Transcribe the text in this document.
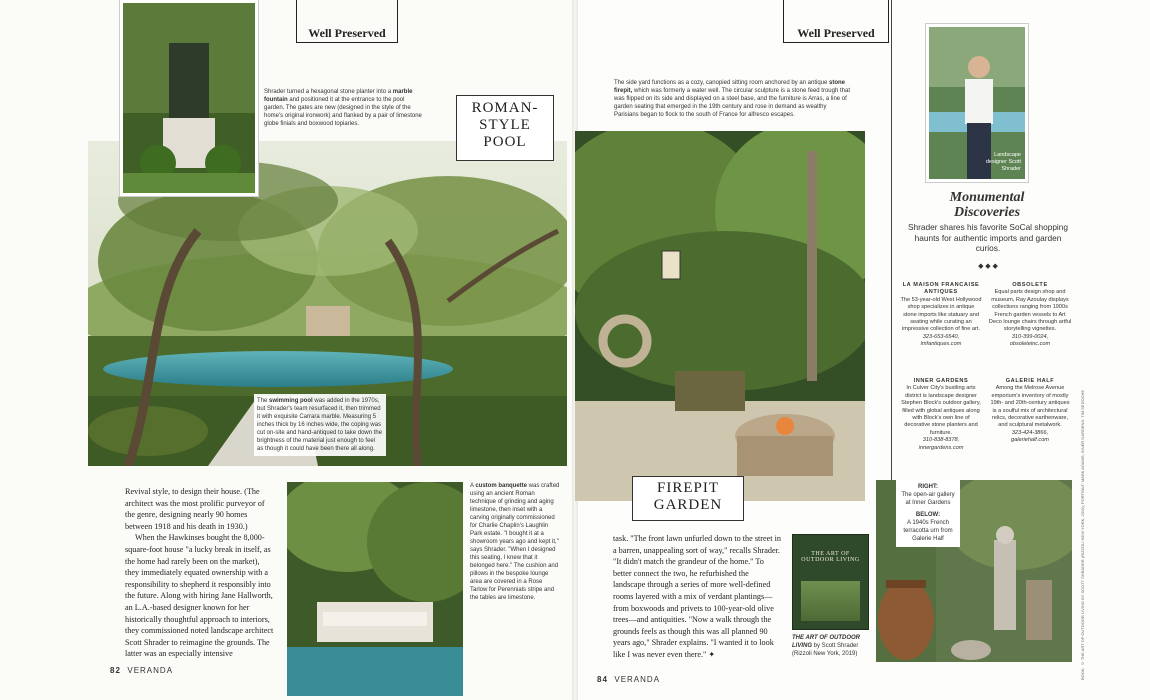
Well Preserved	Well Preserved
Shrader turned a hexagonal stone planter into a marble fountain and positioned it at the entrance to the pool garden. The gates are new (designed in the style of the home's original ironwork) and flanked by a pair of limestone globe finials and boxwood topiaries.
ROMAN-
STYLE
POOL
The swimming pool was added in the 1970s, but Shrader's team resurfaced it, then trimmed it with exquisite Carrara marble. Measuring 5 inches thick by 16 inches wide, the coping was cut on-site and hand-antiqued to take down the brightness of the material just enough to feel as though it could have been there all along.

Revival style, to design their house. (The architect was the most prolific purveyor of the genre, designing nearly 90 homes between 1918 and his death in 1930.)

When the Hawkinses bought the 8,000-square-foot house "a lucky break in itself, as the home had rarely been on the market), they immediately equated ownership with a responsibility to shepherd it responsibly into the future. Along with hiring Jane Hallworth, an L.A.-based designer known for her historically thoughtful approach to interiors, they commissioned noted landscape architect Scott Shrader to reimagine the grounds. The latter was an especially intensive

A custom banquette was crafted using an ancient Roman technique of grinding and aging limestone, then inset with a carving originally commissioned for Charlie Chaplin's Laughlin Park estate. "I bought it at a showroom years ago and kept it," says Shrader. "When I designed this seating, I knew that it belonged here." The cushion and pillows in the bespoke lounge area are covered in a Rose Tarlow for Perennials stripe and the tables are limestone.
82 VERANDA
The side yard functions as a cozy, canopied sitting room anchored by an antique stone firepit, which was formerly a water well. The circular sculpture is a stone feed trough that was flipped on its side and displayed on a steel base, and the furniture is Arras, a line of garden seating that emerged in the 19th century and rose in demand as wealthy Parisians began to flock to the south of France for alfresco escapes.
FIREPIT
GARDEN

task. "The front lawn unfurled down to the street in a barren, unappealing sort of way," recalls Shrader. "It didn't match the grandeur of the home." To better connect the two, he refurbished the landscape through a series of more well-defined rooms layered with a mix of verdant plantings—from boxwoods and privets to 100-year-old olive trees—and antiquities. "Now a walk through the grounds feels as though this was all planned 90 years ago," Shrader explains. "I wanted it to look like I was never even there." ✦

THE ART OF
OUTDOOR LIVING
THE ART OF OUTDOOR LIVING by Scott Shrader (Rizzoli New York, 2019)
84 VERANDA
Landscape designer Scott Shrader
Monumental
Discoveries
Shrader shares his favorite SoCal shopping haunts for authentic imports and garden curios.
◆ ◆ ◆
LA MAISON FRANCAISE ANTIQUES
The 53-year-old West Hollywood shop specializes in antique stone imports like statuary and seating while curating an impressive collection of fine art.
323-653-6540,
lmfantiques.com
OBSOLETE
Equal parts design shop and museum, Ray Azoulay displays collections ranging from 1900s French garden vessels to Art Deco lounge chairs through artful storytelling vignettes.
310-399-0024,
obsoleteinc.com
INNER GARDENS
In Culver City's bustling arts district is landscape designer Stephen Block's outdoor gallery, filled with global antiques along with Block's own line of decorative stone planters and furniture.
310-838-8378,
innergardens.com
GALERIE HALF
Among the Melrose Avenue emporium's inventory of mostly 19th- and 20th-century antiques is a soulful mix of architectural relics, decorative earthenware, and sculptural metalwork.
323-424-3866,
galeriehalf.com
RIGHT:
The open-air gallery at Inner Gardens
BELOW:
A 1940s French terracotta urn from Galerie Half	BOOK: © THE ART OF OUTDOOR LIVING BY SCOTT SHRADER (RIZZOLI NEW YORK, 2019); PORTRAIT: MARK ADAMS; INNER GARDENS: TIM SEDOCHE
